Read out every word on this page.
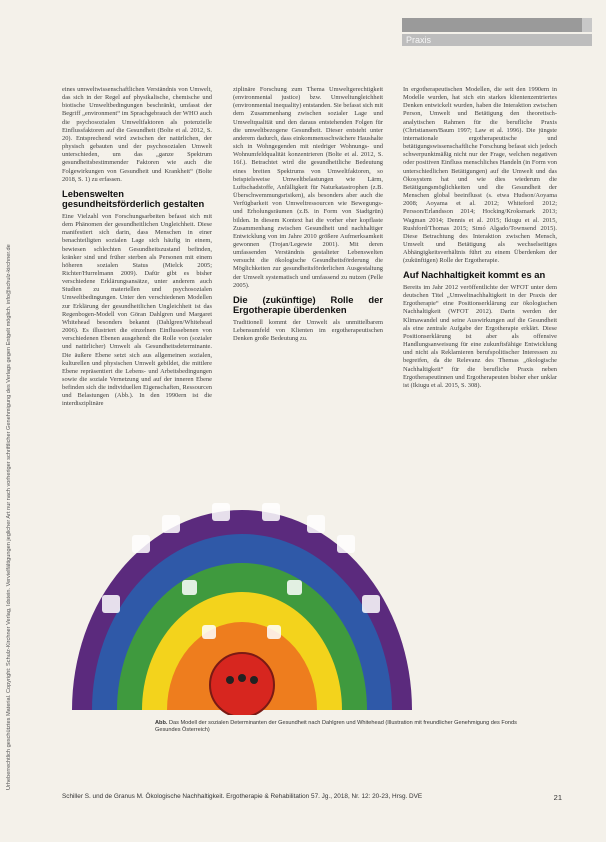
Praxis
Urheberrechtlich geschütztes Material. Copyright: Schulz-Kirchner Verlag, Idstein. Vervielfältigungen jeglicher Art nur nach vorheriger schriftlicher Genehmigung des Verlags gegen Entgelt möglich. info@schulz-kirchner.de

eines umweltwissenschaftlichen Verständnis von Umwelt, das sich in der Regel auf physikalische, chemische und biotische Umweltbedingungen beschränkt, umfasst der Begriff „environment“ im Sprachgebrauch der WHO auch die psychosozialen Umweltfaktoren als potenzielle Einflussfaktoren auf die Gesundheit (Bolte et al. 2012, S. 20). Entsprechend wird zwischen der natürlichen, der physisch gebauten und der psychosozialen Umwelt unterschieden, um das „ganze Spektrum gesundheitsbestimmender Faktoren wie auch die Folgewirkungen von Gesundheit und Krankheit“ (Bolte 2018, S. 1) zu erfassen.

Lebenswelten gesundheitsförderlich gestalten

Eine Vielzahl von Forschungsarbeiten befasst sich mit dem Phänomen der gesundheitlichen Ungleichheit. Diese manifestiert sich darin, dass Menschen in einer benachteiligten sozialen Lage sich häufig in einem, bewiesen schlechten Gesundheitszustand befinden, kränker sind und früher sterben als Personen mit einem höheren sozialen Status (Mielck 2005; Richter/Hurrelmann 2009). Dafür gibt es bisher verschiedene Erklärungsansätze, unter anderem auch Studien zu materiellen und psychosozialen Umweltbedingungen. Unter den verschiedenen Modellen zur Erklärung der gesundheitlichen Ungleichheit ist das Regenbogen-Modell von Göran Dahlgren und Margaret Whitehead besonders bekannt (Dahlgren/Whitehead 2006). Es illustriert die einzelnen Einflussebenen von verschiedenen Ebenen ausgehend: die Rolle von (sozialer und natürlicher) Umwelt als Gesundheitsdeterminante. Die äußere Ebene setzt sich aus allgemeinen sozialen, kulturellen und physischen Umwelt gebildet, die mittlere Ebene repräsentiert die Lebens- und Arbeitsbedingungen sowie die soziale Vernetzung und auf der inneren Ebene befinden sich die individuellen Eigenschaften, Ressourcen und Belastungen (Abb.). In den 1990ern ist die interdisziplinäre

ziplinäre Forschung zum Thema Umweltgerechtigkeit (environmental justice) bzw. Umweltungleichheit (environmental inequality) entstanden. Sie befasst sich mit dem Zusammenhang zwischen sozialer Lage und Umweltqualität und den daraus entstehenden Folgen für die umweltbezogene Gesundheit. Dieser entsteht unter anderem dadurch, dass einkommensschwächere Haushalte sich in Wohngegenden mit niedriger Wohnungs- und Wohnumfeldqualität konzentrieren (Bolte et al. 2012, S. 16f.). Betrachtet wird die gesundheitliche Bedeutung eines breiten Spektrums von Umweltfaktoren, so beispielsweise Umweltbelastungen wie Lärm, Luftschadstoffe, Anfälligkeit für Naturkatastrophen (z.B. Überschwemmungsrisiken), als besonders aber auch die Verfügbarkeit von Umweltressourcen wie Bewegungs- und Erholungsräumen (z.B. in Form von Stadtgrün) bilden. In diesem Kontext hat die vorher eher kopflaste Zusammenhang zwischen Gesundheit und nachhaltiger Entwicklung von im Jahre 2010 größere Aufmerksamkeit gewonnen (Trojan/Legewie 2001). Mit deren umfassenden Verständnis gestalteter Lebenswelten versucht die ökologische Gesundheitsförderung die Möglichkeiten zur gesundheitsförderlichen Ausgestaltung der Umwelt systematisch und umfassend zu nutzen (Pelle 2005).

Die (zukünftige) Rolle der Ergotherapie überdenken

Traditionell kommt der Umwelt als unmittelbarem Lebensumfeld von Klienten im ergotherapeutischen Denken große Bedeutung zu.

In ergotherapeutischen Modellen, die seit den 1990ern in Modelle wurden, hat sich ein starkes klientenzentriertes Denken entwickelt wurden, haben die Interaktion zwischen Person, Umwelt und Betätigung den theoretisch-analytischen Rahmen für die berufliche Praxis (Christiansen/Baum 1997; Law et al. 1996). Die jüngste internationale ergotherapeutische und betätigungswissenschaftliche Forschung befasst sich jedoch schwerpunktmäßig nicht nur der Frage, welchen negativen oder positiven Einfluss menschliches Handeln (in Form von unterschiedlichen Betätigungen) auf die Umwelt und das Ökosystem hat und wie dies wiederum die Betätigungsmöglichkeiten und die Gesundheit der Menschen global beeinflusst (s. etwa Hudson/Aoyama 2008; Aoyama et al. 2012; Whiteford 2012; Persson/Erlandsson 2014; Hocking/Kroksmark 2013; Wagman 2014; Dennis et al. 2015; Ikiugu et al. 2015, Rushford/Thomas 2015; Simó Algado/Townsend 2015). Diese Betrachtung des Interaktion zwischen Mensch, Umwelt und Betätigung als wechselseitiges Abhängigkeitsverhältnis führt zu einem Überdenken der (zukünftigen) Rolle der Ergotherapie.

Auf Nachhaltigkeit kommt es an

Bereits im Jahr 2012 veröffentlichte der WFOT unter dem deutschen Titel „Umweltnachhaltigkeit in der Praxis der Ergotherapie“ eine Positionserklärung zur ökologischen Nachhaltigkeit (WFOT 2012). Darin werden der Klimawandel und seine Auswirkungen auf die Gesundheit als eine zentrale Aufgabe der Ergotherapie erklärt. Diese Positionserklärung ist aber als offensive Handlungsanweisung für eine zukunftsfähige Entwicklung und nicht als Reklamieren berufspolitischer Interessen zu begreifen, da die Relevanz des Themas „ökologische Nachhaltigkeit“ für die berufliche Praxis neben Ergotherapeutinnen und Ergotherapeuten bisher eher unklar ist (Ikiugu et al. 2015, S. 308).

Abb. Das Modell der sozialen Determinanten der Gesundheit nach Dahlgren und Whitehead (Illustration mit freundlicher Genehmigung des Fonds Gesundes Österreich)
Schiller S. und de Granus M. Ökologische Nachhaltigkeit. Ergotherapie & Rehabilitation 57. Jg., 2018, Nr. 12: 20-23, Hrsg. DVE	21
